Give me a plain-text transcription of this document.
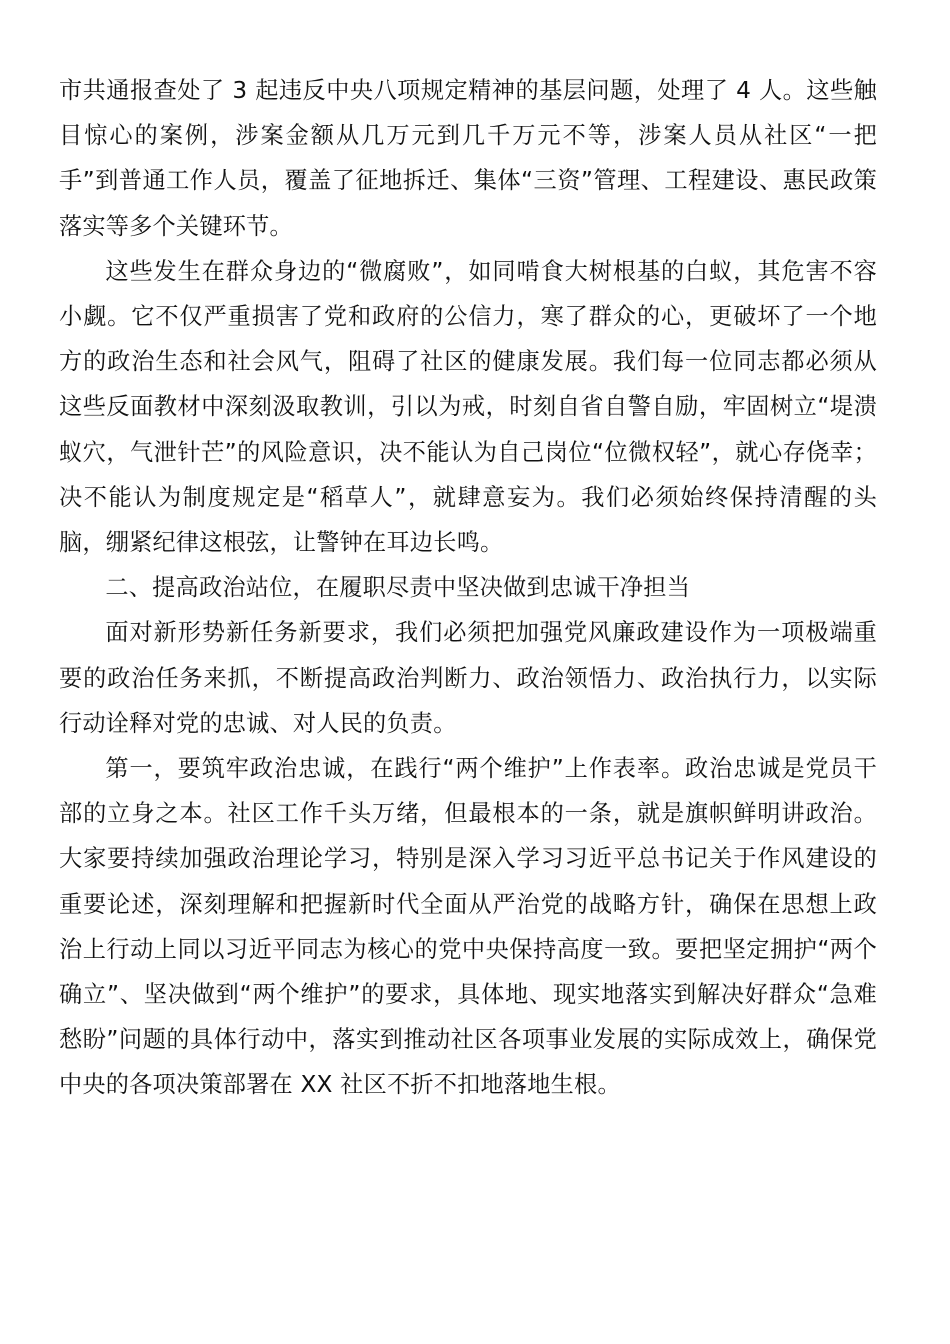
市共通报查处了 3 起违反中央八项规定精神的基层问题，处理了 4 人。这些触目惊心的案例，涉案金额从几万元到几千万元不等，涉案人员从社区“一把手”到普通工作人员，覆盖了征地拆迁、集体“三资”管理、工程建设、惠民政策落实等多个关键环节。

这些发生在群众身边的“微腐败”，如同啃食大树根基的白蚁，其危害不容小觑。它不仅严重损害了党和政府的公信力，寒了群众的心，更破坏了一个地方的政治生态和社会风气，阻碍了社区的健康发展。我们每一位同志都必须从这些反面教材中深刻汲取教训，引以为戒，时刻自省自警自励，牢固树立“堤溃蚁穴，气泄针芒”的风险意识，决不能认为自己岗位“位微权轻”，就心存侥幸；决不能认为制度规定是“稻草人”，就肆意妄为。我们必须始终保持清醒的头脑，绷紧纪律这根弦，让警钟在耳边长鸣。

二、提高政治站位，在履职尽责中坚决做到忠诚干净担当

面对新形势新任务新要求，我们必须把加强党风廉政建设作为一项极端重要的政治任务来抓，不断提高政治判断力、政治领悟力、政治执行力，以实际行动诠释对党的忠诚、对人民的负责。

第一，要筑牢政治忠诚，在践行“两个维护”上作表率。政治忠诚是党员干部的立身之本。社区工作千头万绪，但最根本的一条，就是旗帜鲜明讲政治。大家要持续加强政治理论学习，特别是深入学习习近平总书记关于作风建设的重要论述，深刻理解和把握新时代全面从严治党的战略方针，确保在思想上政治上行动上同以习近平同志为核心的党中央保持高度一致。要把坚定拥护“两个确立”、坚决做到“两个维护”的要求，具体地、现实地落实到解决好群众“急难愁盼”问题的具体行动中，落实到推动社区各项事业发展的实际成效上，确保党中央的各项决策部署在 XX 社区不折不扣地落地生根。
